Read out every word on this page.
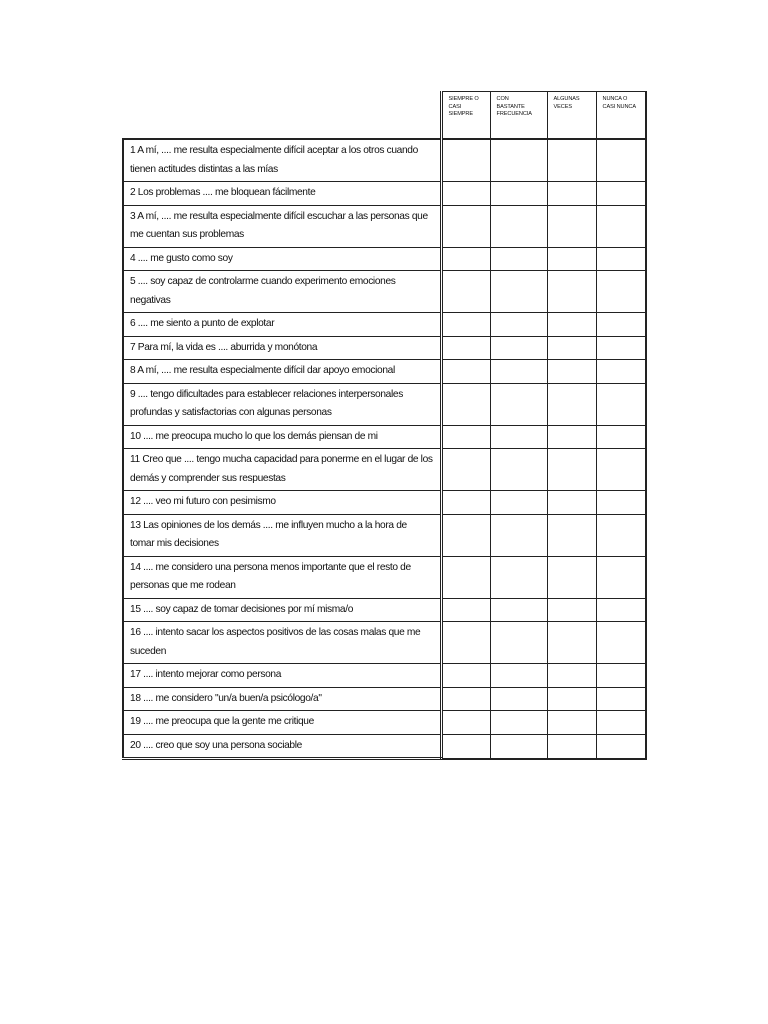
	SIEMPRE O
CASI
SIEMPRE	CON
BASTANTE
FRECUENCIA	ALGUNAS
VECES	NUNCA O
CASI NUNCA
1 A mí, .... me resulta especialmente difícil aceptar a los otros cuando tienen actitudes distintas a las mías				
2 Los problemas .... me bloquean fácilmente				
3 A mí, .... me resulta especialmente difícil escuchar a las personas que me cuentan sus problemas				
4 .... me gusto como soy				
5 .... soy capaz de controlarme cuando experimento emociones negativas				
6 .... me siento a punto de explotar				
7 Para mí, la vida es .... aburrida y monótona				
8 A mí, .... me resulta especialmente difícil dar apoyo emocional				
9 .... tengo dificultades para establecer relaciones interpersonales profundas y satisfactorias con algunas personas				
10 .... me preocupa mucho lo que los demás piensan de mi				
11 Creo que .... tengo mucha capacidad para ponerme en el lugar de los demás y comprender sus respuestas				
12 .... veo mi futuro con pesimismo				
13 Las opiniones de los demás .... me influyen mucho a la hora de tomar mis decisiones				
14 .... me considero una persona menos importante que el resto de personas que me rodean				
15 .... soy capaz de tomar decisiones por mí misma/o				
16 .... intento sacar los aspectos positivos de las cosas malas que me suceden				
17 .... intento mejorar como persona				
18 .... me considero "un/a buen/a psicólogo/a"				
19 .... me preocupa que la gente me critique				
20 .... creo que soy una persona sociable				
